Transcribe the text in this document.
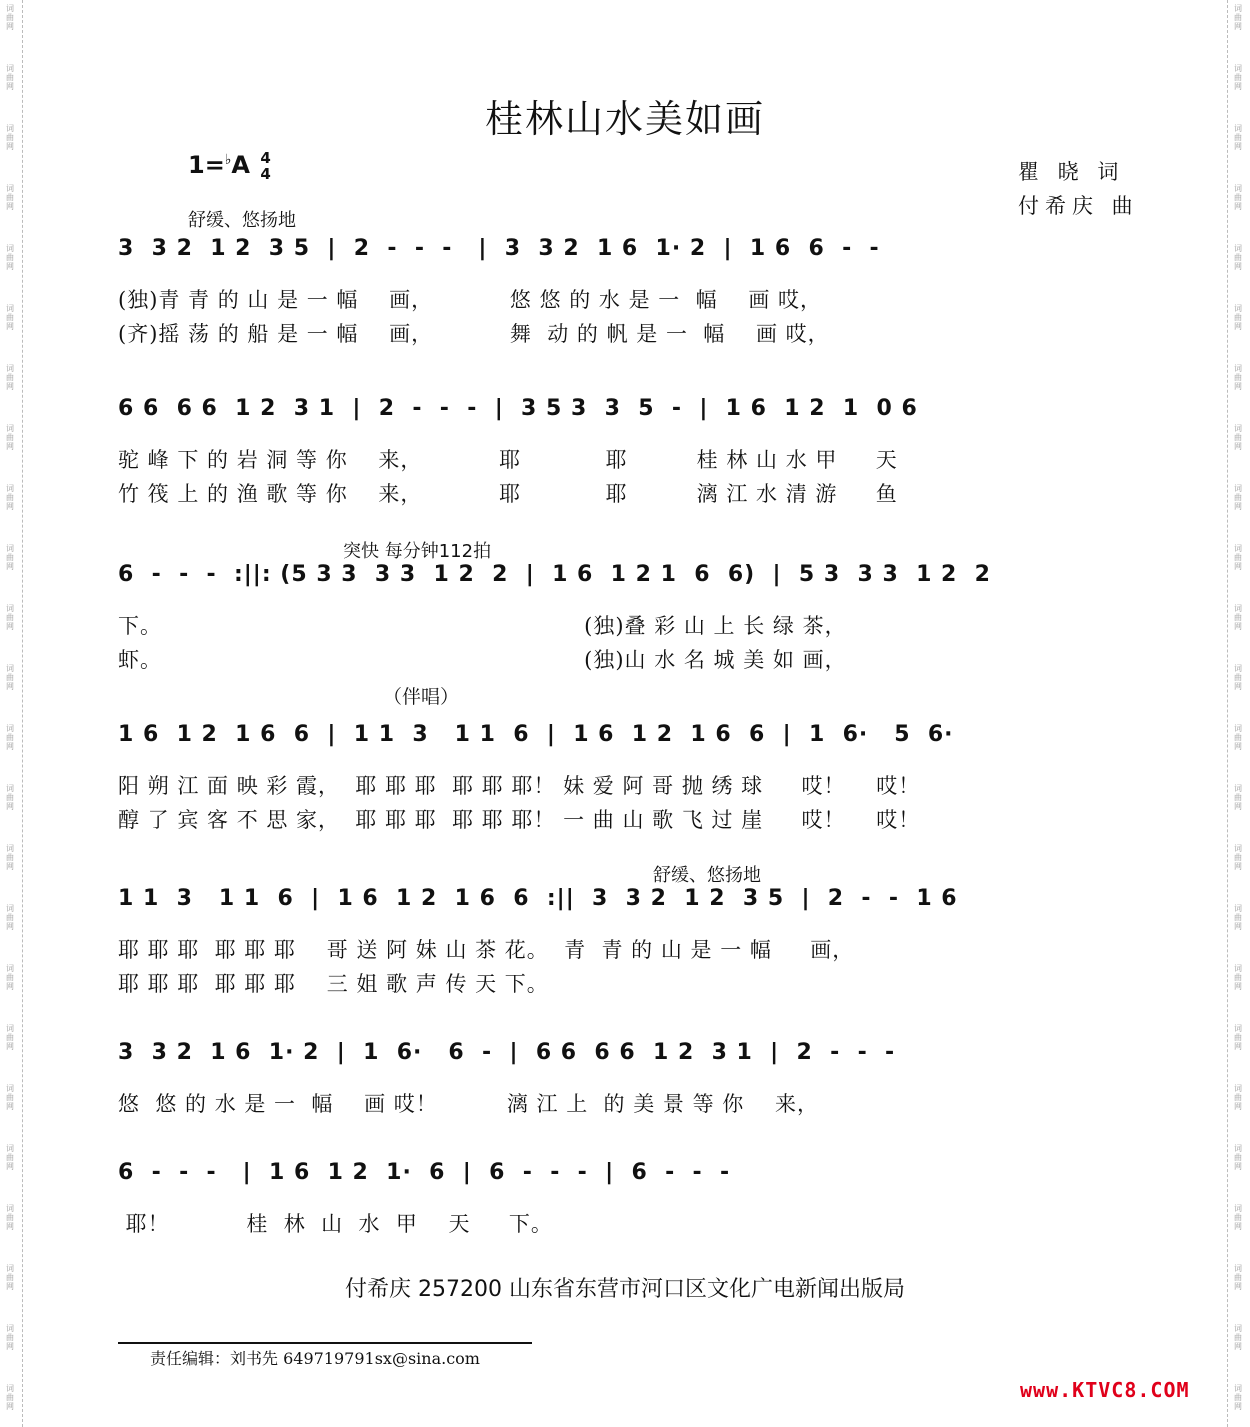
词曲网
词曲网
词曲网
词曲网
词曲网
词曲网
词曲网
词曲网
词曲网
词曲网
词曲网
词曲网
词曲网
词曲网
词曲网
词曲网
词曲网
词曲网
词曲网
词曲网
词曲网
词曲网
词曲网
词曲网
词曲网
词曲网
词曲网
词曲网
词曲网
词曲网
词曲网
词曲网
词曲网
词曲网
词曲网
词曲网
词曲网
词曲网
词曲网
词曲网
词曲网
词曲网
词曲网
词曲网
词曲网
词曲网
词曲网
词曲网
桂林山水美如画
1=♭A 4
4	瞿 晓 词
付希庆 曲
舒缓、悠扬地
突快 每分钟112拍
舒缓、悠扬地
（伴唱）
3  3 2  1 2  3 5  |  2  -  -  -   |  3  3 2  1 6  1· 2  |  1 6  6  -  -
(独)青 青 的 山 是 一 幅    画，          悠 悠 的 水 是 一  幅    画 哎，
(齐)摇 荡 的 船 是 一 幅    画，          舞  动 的 帆 是 一  幅    画 哎，
6 6  6 6  1 2  3 1  |  2  -  -  -  |  3 5 3  3  5  -  |  1 6  1 2  1  0 6
驼 峰 下 的 岩 洞 等 你    来，          耶           耶         桂 林 山 水 甲     天
竹 筏 上 的 渔 歌 等 你    来，          耶           耶         漓 江 水 清 游     鱼
6  -  -  -  :||: (5 3 3  3 3  1 2  2  |  1 6  1 2 1  6  6)  |  5 3  3 3  1 2  2
下。                                                       (独)叠 彩 山 上 长 绿 茶，
虾。                                                       (独)山 水 名 城 美 如 画，
1 6  1 2  1 6  6  |  1 1  3   1 1  6  |  1 6  1 2  1 6  6  |  1  6·   5  6·
阳 朔 江 面 映 彩 霞，  耶 耶 耶  耶 耶 耶！ 妹 爱 阿 哥 抛 绣 球     哎！    哎！
醇 了 宾 客 不 思 家，  耶 耶 耶  耶 耶 耶！ 一 曲 山 歌 飞 过 崖     哎！    哎！
1 1  3   1 1  6  |  1 6  1 2  1 6  6  :||  3  3 2  1 2  3 5  |  2  -  -  1 6
耶 耶 耶  耶 耶 耶    哥 送 阿 妹 山 茶 花。  青  青 的 山 是 一 幅     画，
耶 耶 耶  耶 耶 耶    三 姐 歌 声 传 天 下。
3  3 2  1 6  1· 2  |  1  6·   6  -  |  6 6  6 6  1 2  3 1  |  2  -  -  -
悠  悠 的 水 是 一  幅    画 哎！         漓 江 上  的 美 景 等 你    来，
6  -  -  -   |  1 6  1 2  1·  6  |  6  -  -  -  |  6  -  -  -
耶！          桂  林  山  水  甲    天     下。
付希庆 257200 山东省东营市河口区文化广电新闻出版局
责任编辑：刘书先 649719791sx@sina.com
www.KTVC8.COM
